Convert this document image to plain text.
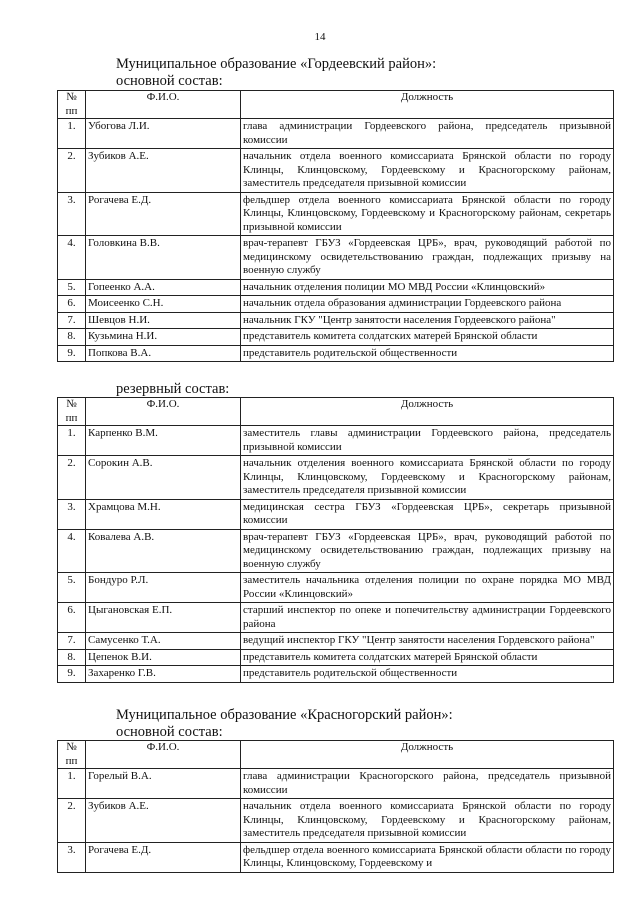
14
Муниципальное образование «Гордеевский район»:
основной состав:
№ пп	Ф.И.О.	Должность
1.	Убогова Л.И.	глава администрации Гордеевского района, председатель призывной комиссии
2.	Зубиков А.Е.	начальник отдела военного комиссариата Брянской области по городу Клинцы, Клинцовскому, Гордеевскому и Красногорскому районам, заместитель председателя призывной комиссии
3.	Рогачева Е.Д.	фельдшер отдела военного комиссариата Брянской области по городу Клинцы, Клинцовскому, Гордеевскому и Красногорскому районам, секретарь призывной комиссии
4.	Головкина В.В.	врач-терапевт ГБУЗ «Гордеевская ЦРБ», врач, руководящий работой по медицинскому освидетельствованию граждан, подлежащих призыву на военную службу
5.	Гопеенко А.А.	начальник отделения полиции МО МВД России «Клинцовский»
6.	Моисеенко С.Н.	начальник отдела образования администрации Гордеевского района
7.	Шевцов Н.И.	начальник ГКУ "Центр занятости населения Гордеевского района"
8.	Кузьмина Н.И.	представитель комитета солдатских матерей Брянской области
9.	Попкова В.А.	представитель родительской общественности
резервный состав:
№ пп	Ф.И.О.	Должность
1.	Карпенко В.М.	заместитель главы администрации Гордеевского района, председатель призывной комиссии
2.	Сорокин А.В.	начальник отделения военного комиссариата Брянской области по городу Клинцы, Клинцовскому, Гордеевскому и Красногорскому районам, заместитель председателя призывной комиссии
3.	Храмцова М.Н.	медицинская сестра ГБУЗ «Гордеевская ЦРБ», секретарь призывной комиссии
4.	Ковалева А.В.	врач-терапевт ГБУЗ «Гордеевская ЦРБ», врач, руководящий работой по медицинскому освидетельствованию граждан, подлежащих призыву на военную службу
5.	Бондуро Р.Л.	заместитель начальника отделения полиции по охране порядка МО МВД России «Клинцовский»
6.	Цыгановская Е.П.	старший инспектор по опеке и попечительству администрации Гордеевского района
7.	Самусенко Т.А.	ведущий инспектор ГКУ "Центр занятости населения Гордевского района"
8.	Цепенок В.И.	представитель комитета солдатских матерей Брянской области
9.	Захаренко Г.В.	представитель родительской общественности
Муниципальное образование «Красногорский район»:
основной состав:
№ пп	Ф.И.О.	Должность
1.	Горелый В.А.	глава администрации Красногорского района, председатель призывной комиссии
2.	Зубиков А.Е.	начальник отдела военного комиссариата Брянской области по городу Клинцы, Клинцовскому, Гордеевскому и Красногорскому районам, заместитель председателя призывной комиссии
3.	Рогачева Е.Д.	фельдшер отдела военного комиссариата Брянской области области по городу Клинцы, Клинцовскому, Гордеевскому и
